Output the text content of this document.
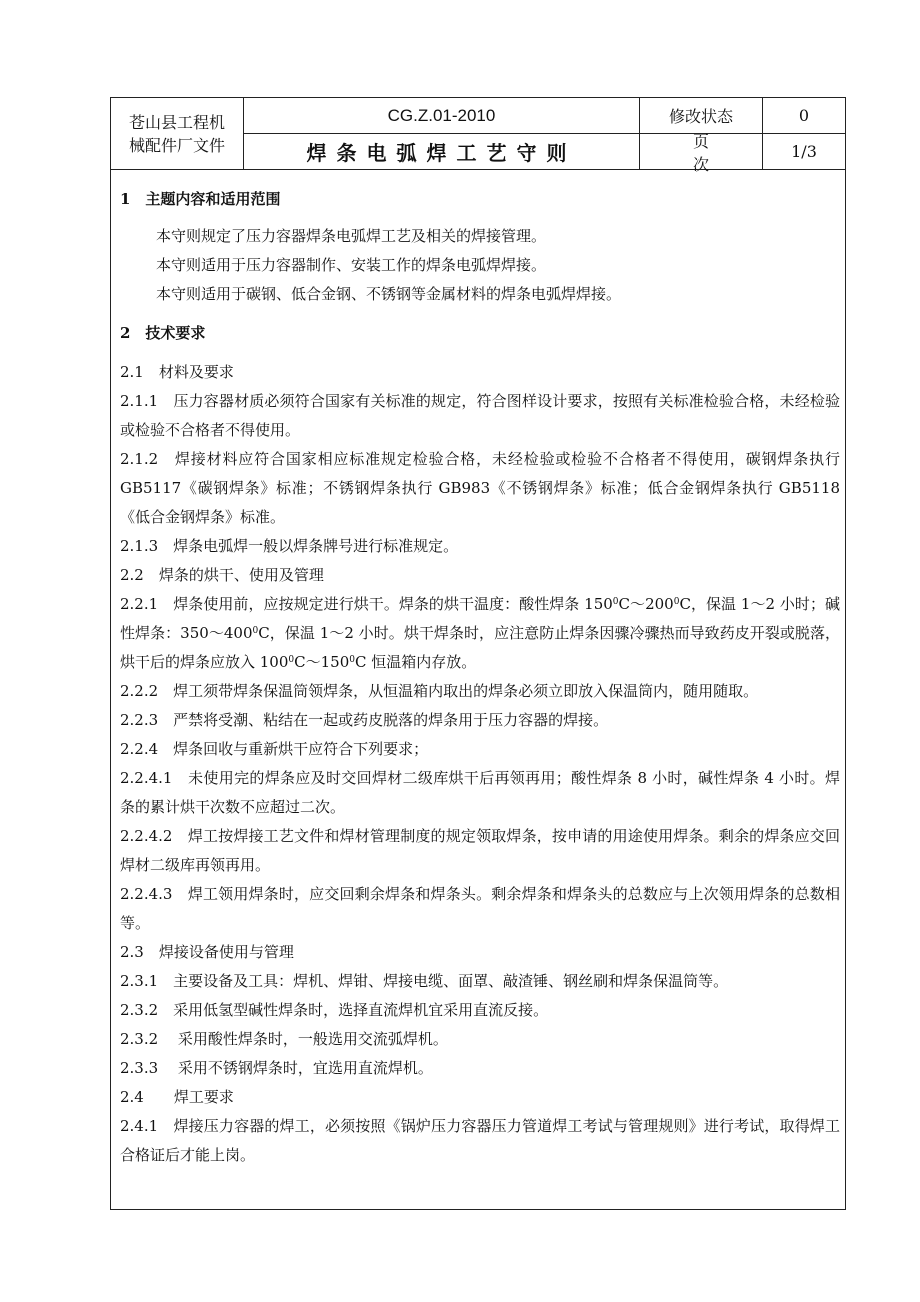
苍山县工程机
械配件厂文件
CG.Z.01-2010
焊条电弧焊工艺守则
修改状态	0
页次
1/3

1　主题内容和适用范围

本守则规定了压力容器焊条电弧焊工艺及相关的焊接管理。

本守则适用于压力容器制作、安装工作的焊条电弧焊焊接。

本守则适用于碳钢、低合金钢、不锈钢等金属材料的焊条电弧焊焊接。

2　技术要求

2.1　材料及要求

2.1.1　压力容器材质必须符合国家有关标准的规定，符合图样设计要求，按照有关标准检验合格，未经检验或检验不合格者不得使用。

2.1.2　焊接材料应符合国家相应标准规定检验合格，未经检验或检验不合格者不得使用，碳钢焊条执行 GB5117《碳钢焊条》标准；不锈钢焊条执行 GB983《不锈钢焊条》标准；低合金钢焊条执行 GB5118《低合金钢焊条》标准。

2.1.3　焊条电弧焊一般以焊条牌号进行标准规定。

2.2　焊条的烘干、使用及管理

2.2.1　焊条使用前，应按规定进行烘干。焊条的烘干温度：酸性焊条 $150^0C\sim 200^0C$，保温 1～2 小时；碱性焊条：$350\sim 400^0C$，保温 1～2 小时。烘干焊条时，应注意防止焊条因骤冷骤热而导致药皮开裂或脱落，烘干后的焊条应放入 $100^0C\sim 150^0C$ 恒温箱内存放。

2.2.2　焊工须带焊条保温筒领焊条，从恒温箱内取出的焊条必须立即放入保温筒内，随用随取。

2.2.3　严禁将受潮、粘结在一起或药皮脱落的焊条用于压力容器的焊接。

2.2.4　焊条回收与重新烘干应符合下列要求；

2.2.4.1　未使用完的焊条应及时交回焊材二级库烘干后再领再用；酸性焊条 8 小时，碱性焊条 4 小时。焊条的累计烘干次数不应超过二次。

2.2.4.2　焊工按焊接工艺文件和焊材管理制度的规定领取焊条，按申请的用途使用焊条。剩余的焊条应交回焊材二级库再领再用。

2.2.4.3　焊工领用焊条时，应交回剩余焊条和焊条头。剩余焊条和焊条头的总数应与上次领用焊条的总数相等。

2.3　焊接设备使用与管理

2.3.1　主要设备及工具：焊机、焊钳、焊接电缆、面罩、敲渣锤、钢丝刷和焊条保温筒等。

2.3.2　采用低氢型碱性焊条时，选择直流焊机宜采用直流反接。

2.3.2　 采用酸性焊条时，一般选用交流弧焊机。

2.3.3　 采用不锈钢焊条时，宜选用直流焊机。

2.4　　焊工要求

2.4.1　焊接压力容器的焊工，必须按照《锅炉压力容器压力管道焊工考试与管理规则》进行考试，取得焊工合格证后才能上岗。
